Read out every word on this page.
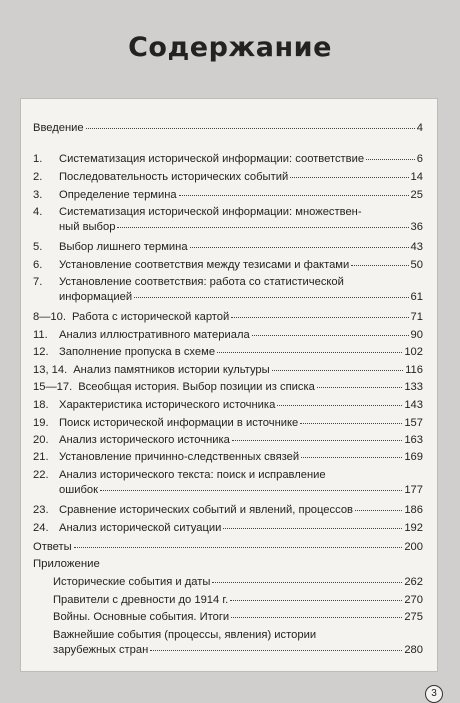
Содержание
Введение	4
1.	Систематизация исторической информации: соответствие	6
2.	Последовательность исторических событий	14
3.	Определение термина	25
4.	Систематизация исторической информации: множествен-
ный выбор	36
5.	Выбор лишнего термина	43
6.	Установление соответствия между тезисами и фактами	50
7.	Установление соответствия: работа со статистической
информацией	61
8—10. Работа с исторической картой	71
11.	Анализ иллюстративного материала	90
12. Заполнение пропуска в схеме	102
13, 14. Анализ памятников истории культуры	116
15—17. Всеобщая история. Выбор позиции из списка	133
18. Характеристика исторического источника	143
19. Поиск исторической информации в источнике	157
20. Анализ исторического источника	163
21. Установление причинно-следственных связей	169
22. Анализ исторического текста: поиск и исправление
ошибок	177
23. Сравнение исторических событий и явлений, процессов	186
24. Анализ исторической ситуации	192
Ответы	200
Приложение
Исторические события и даты	262
Правители с древности до 1914 г.	270
Войны. Основные события. Итоги	275
Важнейшие события (процессы, явления) истории
зарубежных стран	280
3
